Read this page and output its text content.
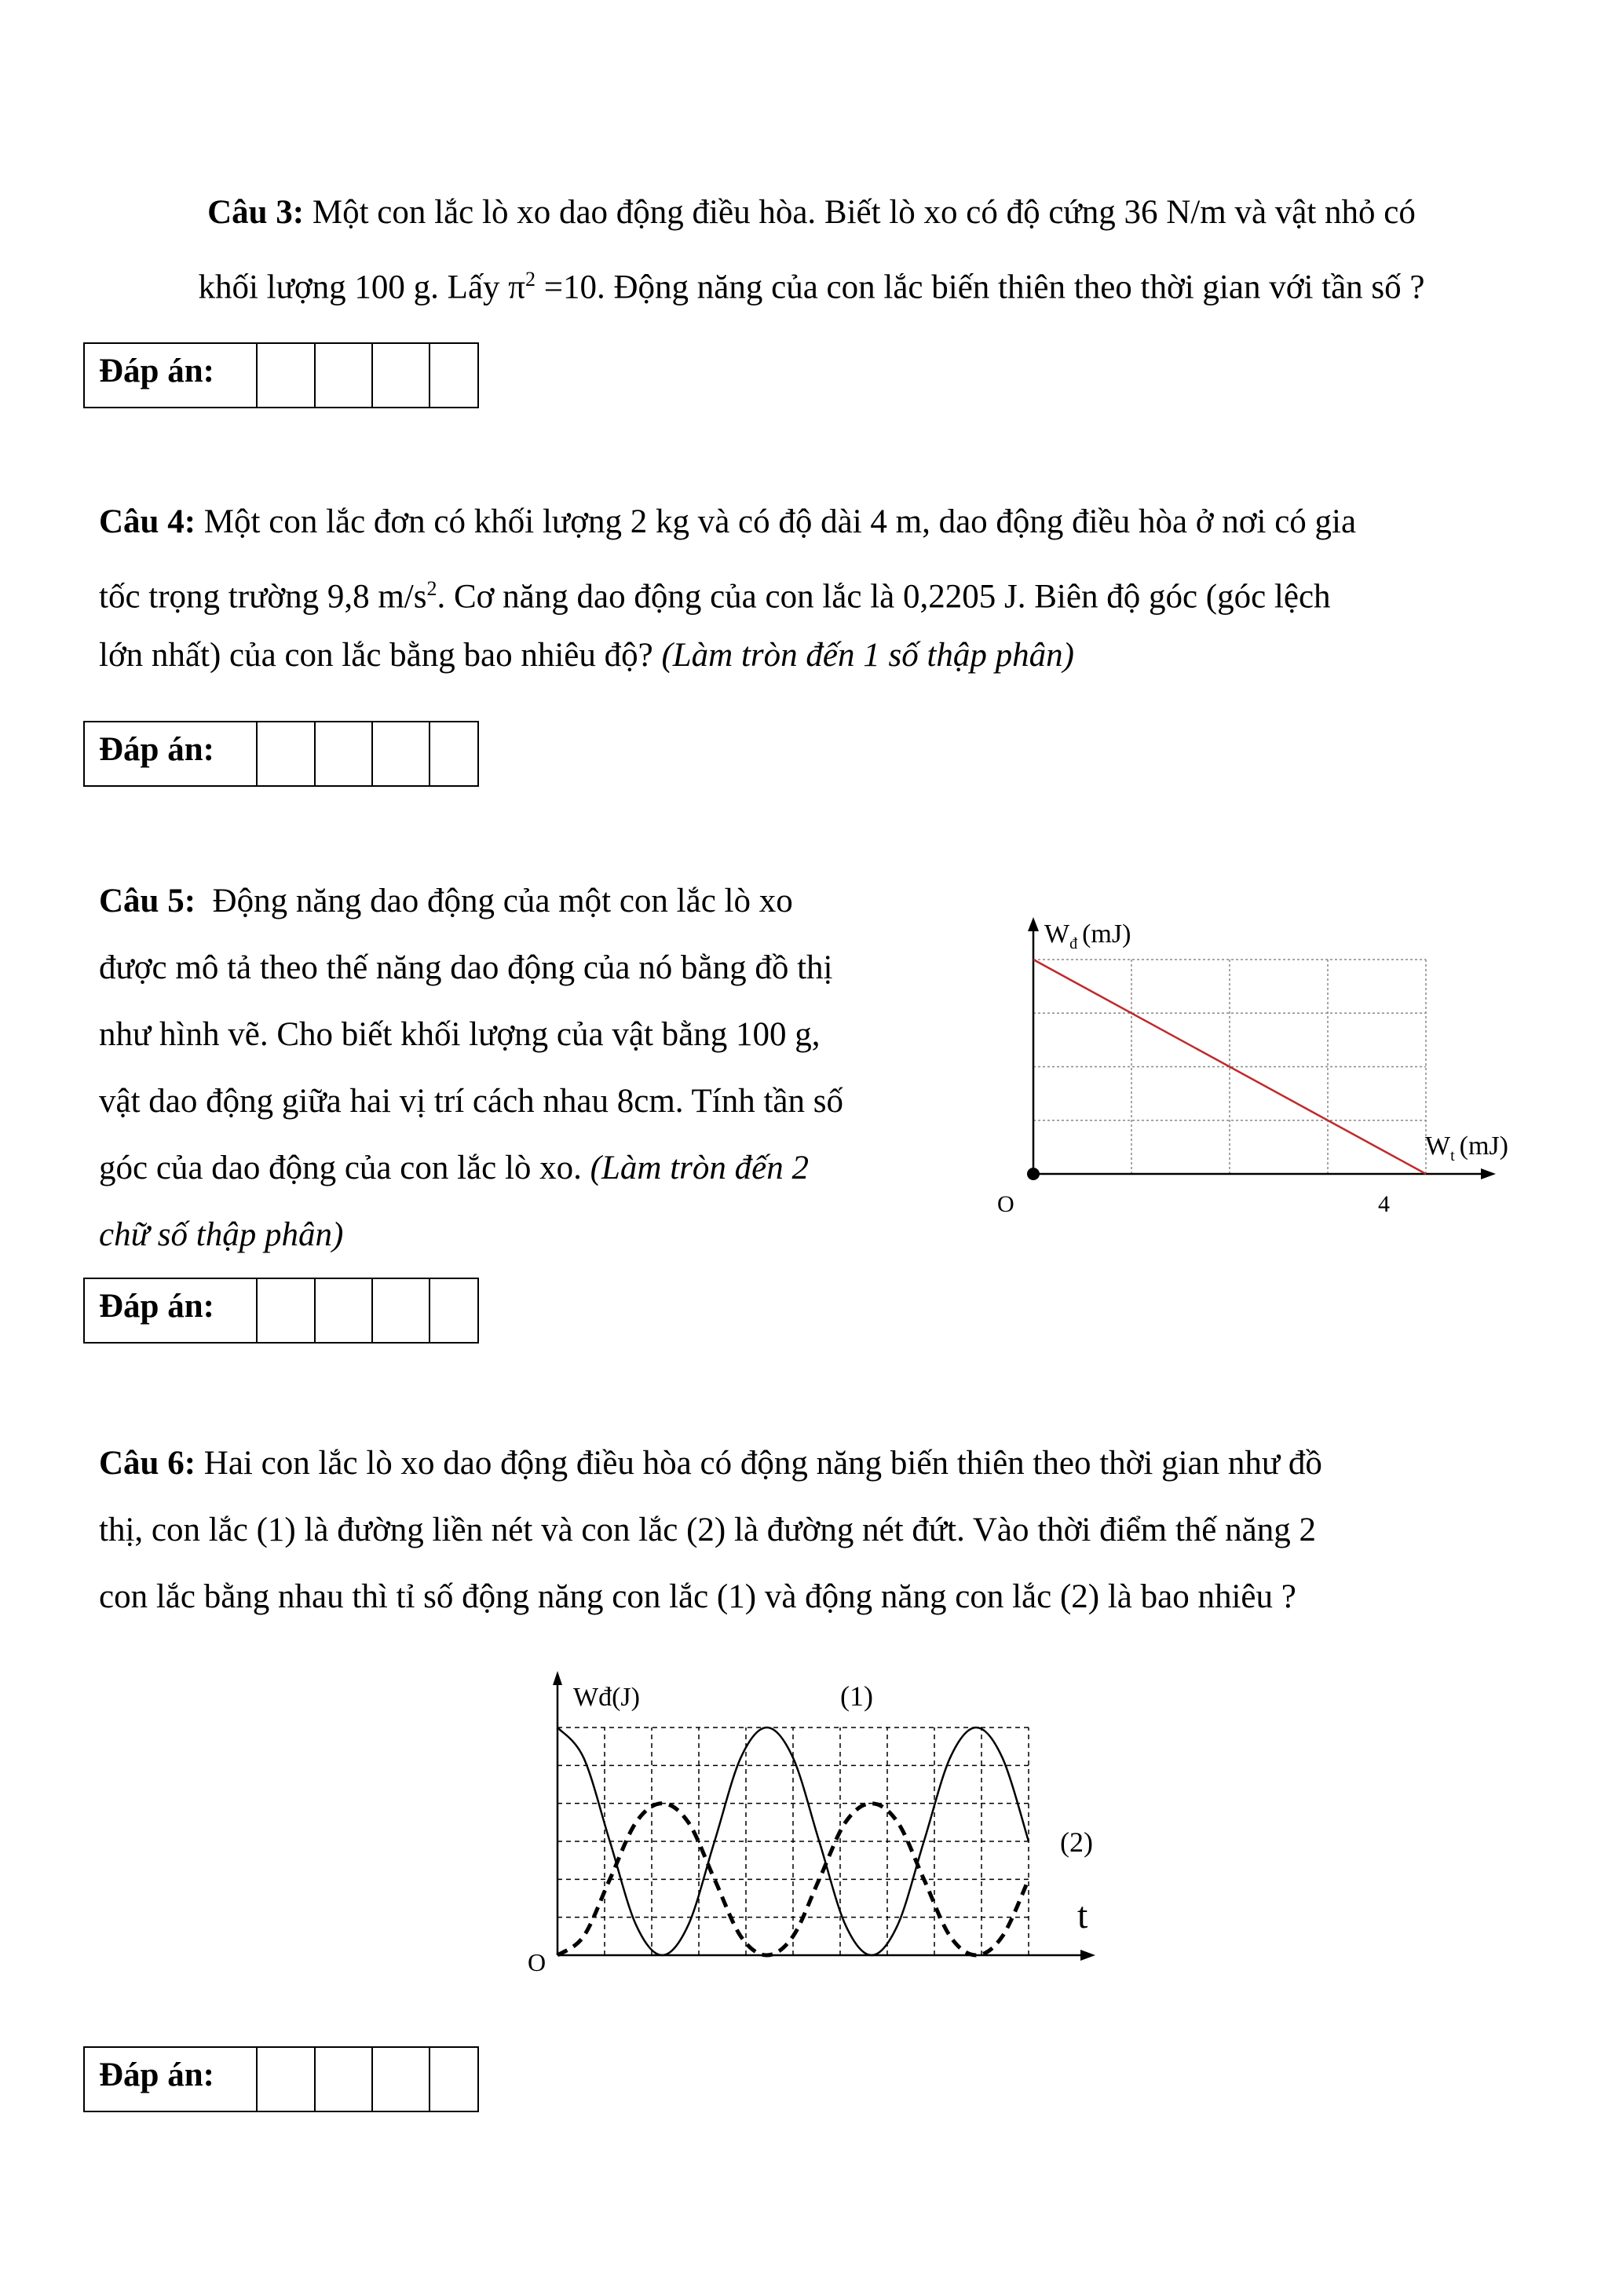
Câu 3: Một con lắc lò xo dao động điều hòa. Biết lò xo có độ cứng 36 N/m và vật nhỏ có

khối lượng 100 g. Lấy $\pi^2 =10$. Động năng của con lắc biến thiên theo thời gian với tần số ?

Đáp án:

Câu 4: Một con lắc đơn có khối lượng 2 kg và có độ dài 4 m, dao động điều hòa ở nơi có gia

tốc trọng trường 9,8 $m/s^2$. Cơ năng dao động của con lắc là 0,2205 J. Biên độ góc (góc lệch

lớn nhất) của con lắc bằng bao nhiêu độ? (Làm tròn đến 1 số thập phân)

Đáp án:

Câu 5: Động năng dao động của một con lắc lò xo

được mô tả theo thế năng dao động của nó bằng đồ thị

như hình vẽ. Cho biết khối lượng của vật bằng 100 g,

vật dao động giữa hai vị trí cách nhau 8cm. Tính tần số

góc của dao động của con lắc lò xo. (Làm tròn đến 2

chữ số thập phân)

Đáp án:
$W_đ$ (mJ)
$W_t$ (mJ)
O	4

Câu 6: Hai con lắc lò xo dao động điều hòa có động năng biến thiên theo thời gian như đồ

thị, con lắc (1) là đường liền nét và con lắc (2) là đường nét đứt. Vào thời điểm thế năng 2

con lắc bằng nhau thì tỉ số động năng con lắc (1) và động năng con lắc (2) là bao nhiêu ?

Wđ(J)	(1)
(2)
t
O
Đáp án:
